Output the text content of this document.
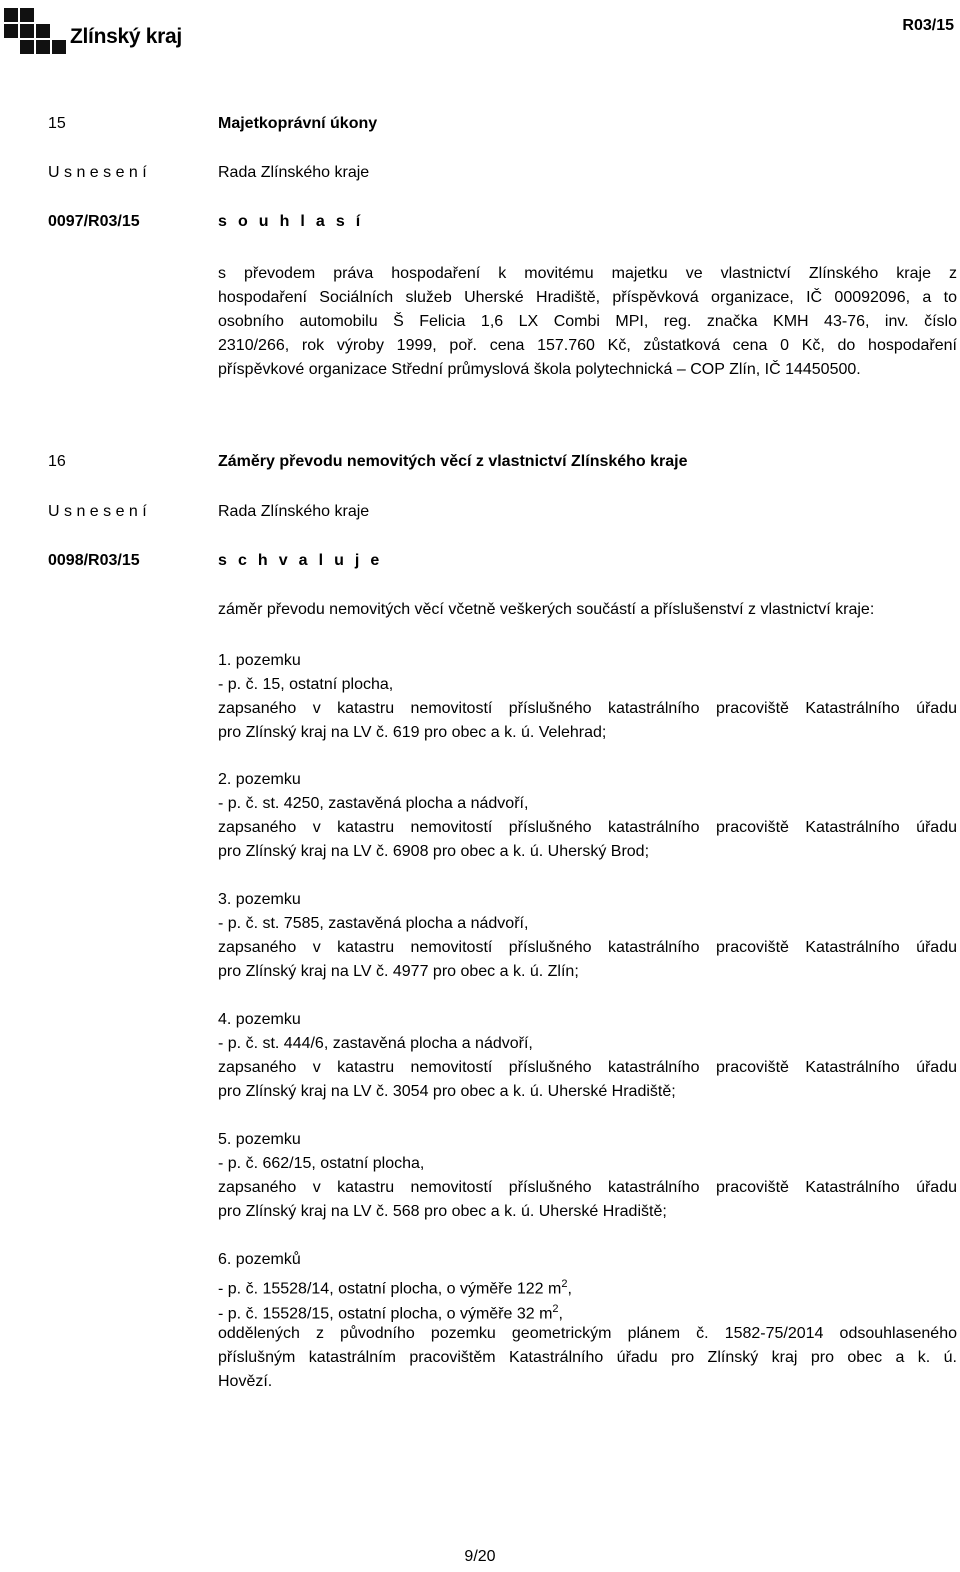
Zlínský kraj	R03/15
15	Majetkoprávní úkony
U s n e s e n í	Rada Zlínského kraje
0097/R03/15	s o u h l a s í
s převodem práva hospodaření k movitému majetku ve vlastnictví Zlínského kraje z
hospodaření Sociálních služeb Uherské Hradiště, příspěvková organizace, IČ 00092096, a to
osobního automobilu Š Felicia 1,6 LX Combi MPI, reg. značka KMH 43-76, inv. číslo
2310/266, rok výroby 1999, poř. cena 157.760 Kč, zůstatková cena 0 Kč, do hospodaření
příspěvkové organizace Střední průmyslová škola polytechnická – COP Zlín, IČ 14450500.
16	Záměry převodu nemovitých věcí z vlastnictví Zlínského kraje
U s n e s e n í	Rada Zlínského kraje
0098/R03/15	s c h v a l u j e
záměr převodu nemovitých věcí včetně veškerých součástí a příslušenství z vlastnictví kraje:
1. pozemku
- p. č. 15, ostatní plocha,
zapsaného v katastru nemovitostí příslušného katastrálního pracoviště Katastrálního úřadu
pro Zlínský kraj na LV č. 619 pro obec a k. ú. Velehrad;
2. pozemku
- p. č. st. 4250, zastavěná plocha a nádvoří,
zapsaného v katastru nemovitostí příslušného katastrálního pracoviště Katastrálního úřadu
pro Zlínský kraj na LV č. 6908 pro obec a k. ú. Uherský Brod;
3. pozemku
- p. č. st. 7585, zastavěná plocha a nádvoří,
zapsaného v katastru nemovitostí příslušného katastrálního pracoviště Katastrálního úřadu
pro Zlínský kraj na LV č. 4977 pro obec a k. ú. Zlín;
4. pozemku
- p. č. st. 444/6, zastavěná plocha a nádvoří,
zapsaného v katastru nemovitostí příslušného katastrálního pracoviště Katastrálního úřadu
pro Zlínský kraj na LV č. 3054 pro obec a k. ú. Uherské Hradiště;
5. pozemku
- p. č. 662/15, ostatní plocha,
zapsaného v katastru nemovitostí příslušného katastrálního pracoviště Katastrálního úřadu
pro Zlínský kraj na LV č. 568 pro obec a k. ú. Uherské Hradiště;
6. pozemků
- p. č. 15528/14, ostatní plocha, o výměře 122 $m^2$,
- p. č. 15528/15, ostatní plocha, o výměře 32 $m^2$,
oddělených z původního pozemku geometrickým plánem č. 1582-75/2014 odsouhlaseného
příslušným katastrálním pracovištěm Katastrálního úřadu pro Zlínský kraj pro obec a k. ú.
Hovězí.
9/20
